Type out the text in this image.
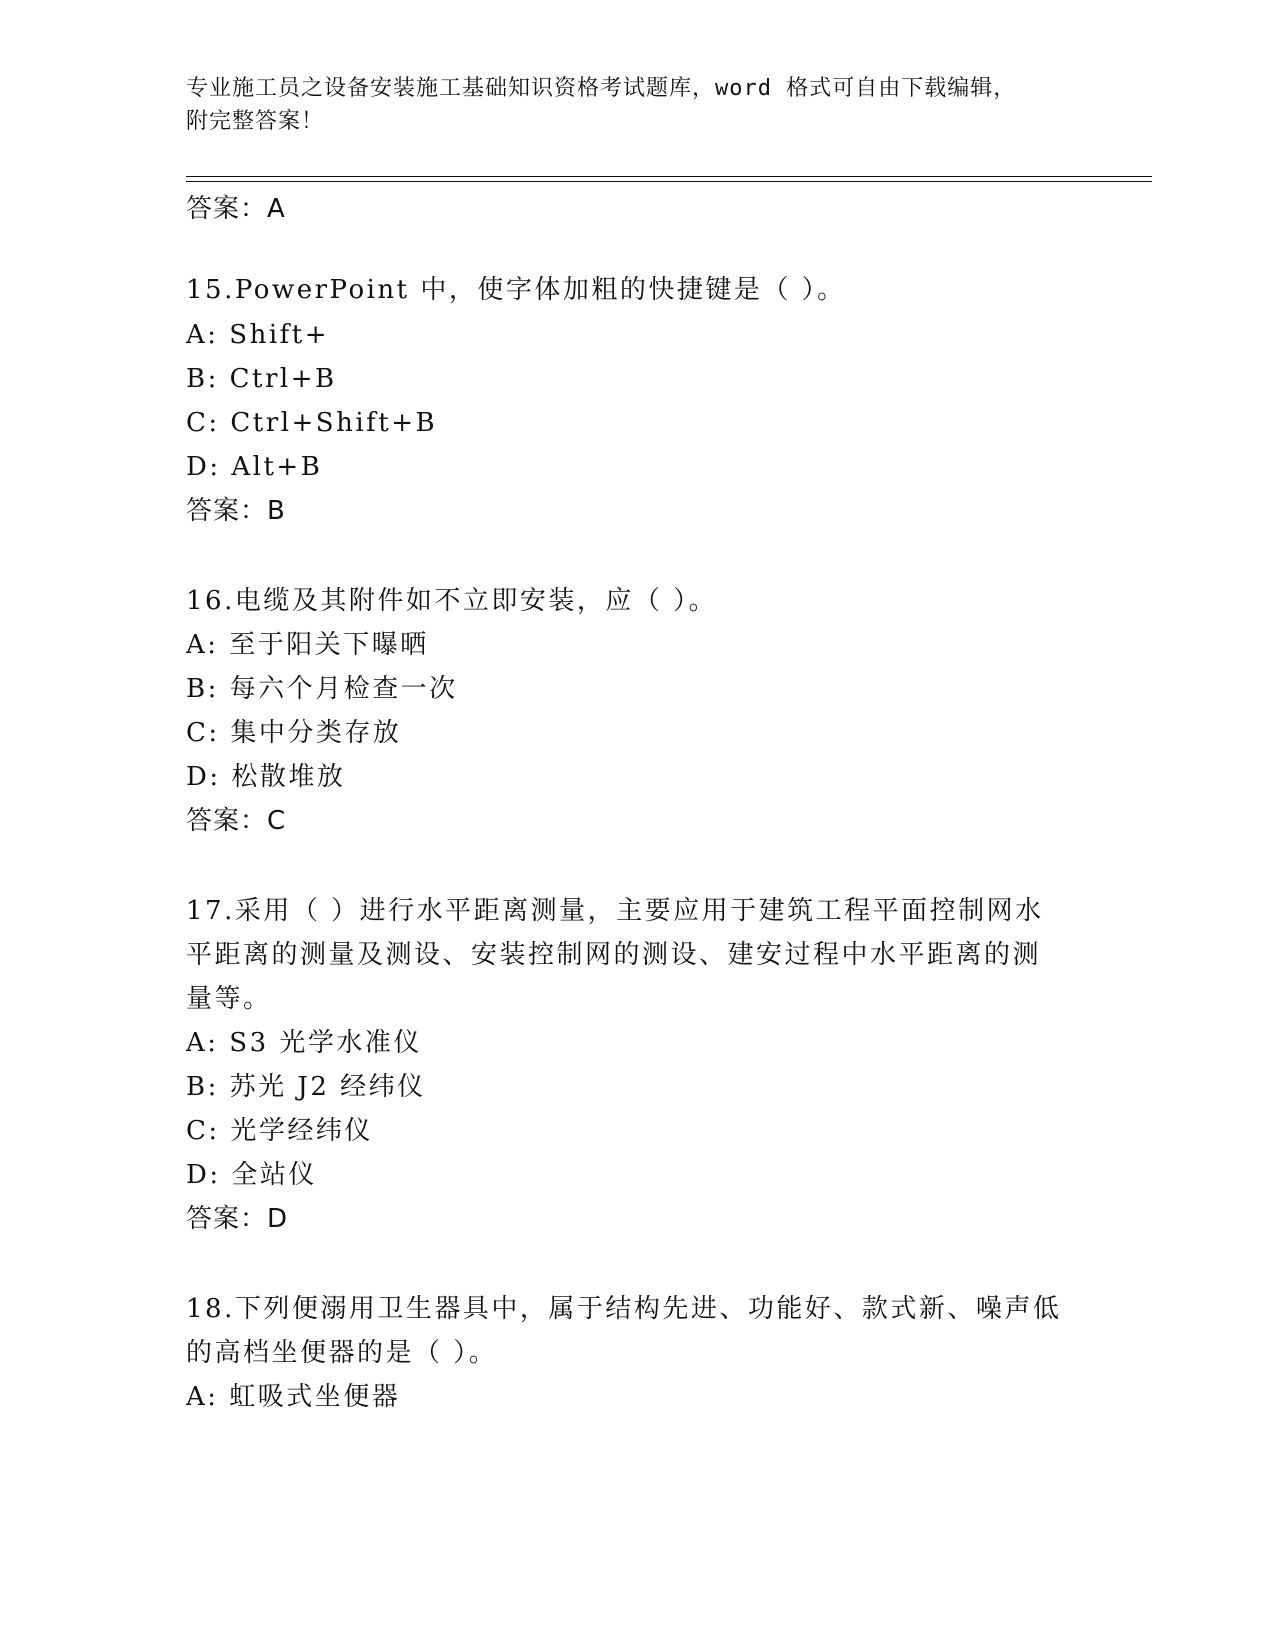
专业施工员之设备安装施工基础知识资格考试题库，word 格式可自由下载编辑，
附完整答案！
答案：A
15.PowerPoint 中，使字体加粗的快捷键是（ ）。
A: Shift+
B: Ctrl+B
C: Ctrl+Shift+B
D: Alt+B
答案：B
16.电缆及其附件如不立即安装，应（ ）。
A: 至于阳关下曝晒
B: 每六个月检查一次
C: 集中分类存放
D: 松散堆放
答案：C
17.采用（ ）进行水平距离测量，主要应用于建筑工程平面控制网水
平距离的测量及测设、安装控制网的测设、建安过程中水平距离的测
量等。
A: S3 光学水准仪
B: 苏光 J2 经纬仪
C: 光学经纬仪
D: 全站仪
答案：D
18.下列便溺用卫生器具中，属于结构先进、功能好、款式新、噪声低
的高档坐便器的是（ ）。
A: 虹吸式坐便器
